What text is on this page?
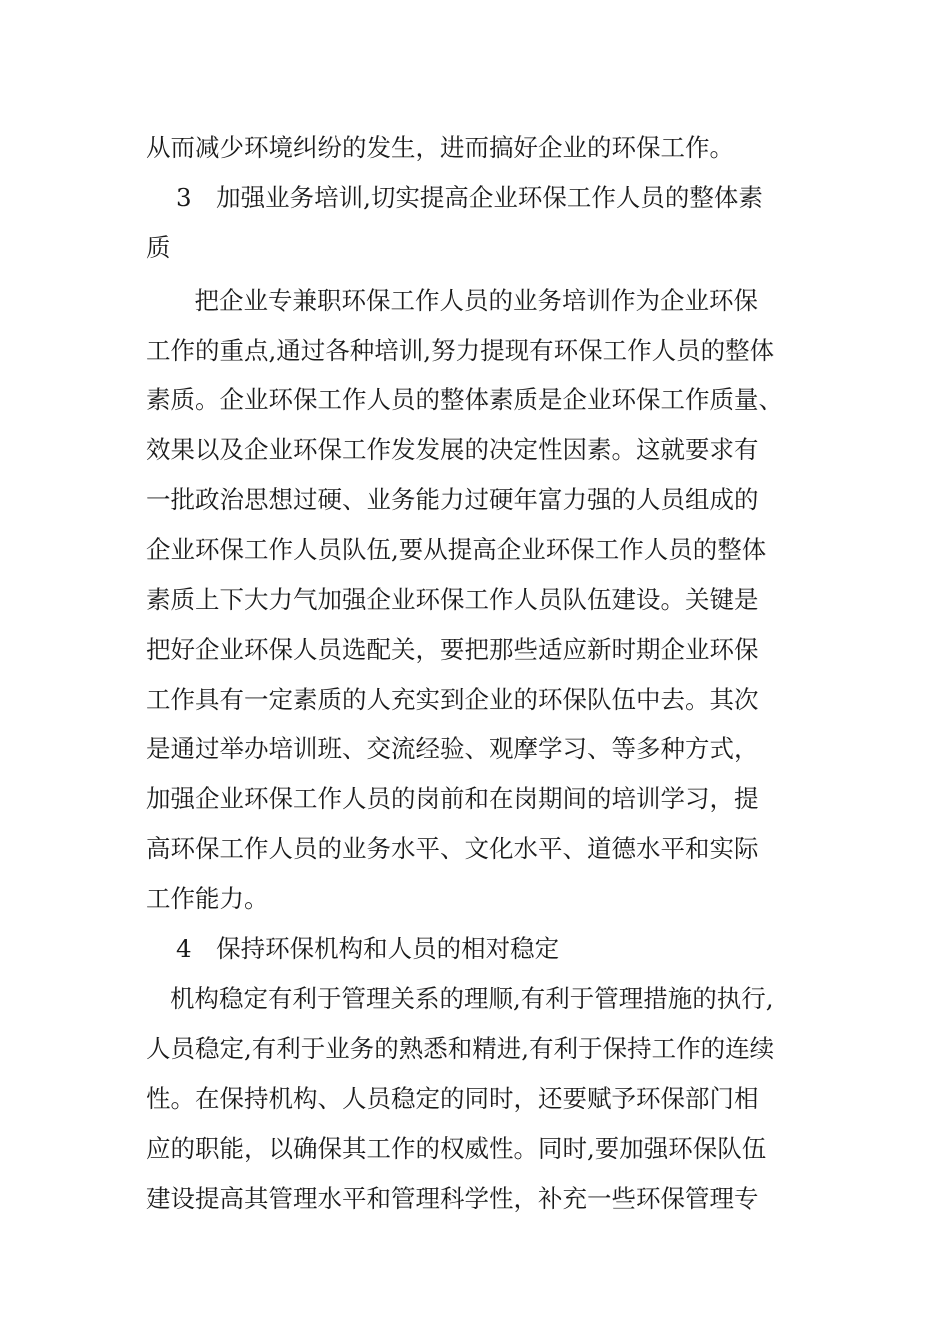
从而减少环境纠纷的发生，进而搞好企业的环保工作。
3　加强业务培训,切实提高企业环保工作人员的整体素
质
　把企业专兼职环保工作人员的业务培训作为企业环保
工作的重点,通过各种培训,努力提现有环保工作人员的整体
素质。企业环保工作人员的整体素质是企业环保工作质量、
效果以及企业环保工作发发展的决定性因素。这就要求有
一批政治思想过硬、业务能力过硬年富力强的人员组成的
企业环保工作人员队伍,要从提高企业环保工作人员的整体
素质上下大力气加强企业环保工作人员队伍建设。关键是
把好企业环保人员选配关，要把那些适应新时期企业环保
工作具有一定素质的人充实到企业的环保队伍中去。其次
是通过举办培训班、交流经验、观摩学习、等多种方式，
加强企业环保工作人员的岗前和在岗期间的培训学习，提
高环保工作人员的业务水平、文化水平、道德水平和实际
工作能力。
4　保持环保机构和人员的相对稳定
机构稳定有利于管理关系的理顺,有利于管理措施的执行,
人员稳定,有利于业务的熟悉和精进,有利于保持工作的连续
性。在保持机构、人员稳定的同时，还要赋予环保部门相
应的职能，以确保其工作的权威性。同时,要加强环保队伍
建设提高其管理水平和管理科学性，补充一些环保管理专
